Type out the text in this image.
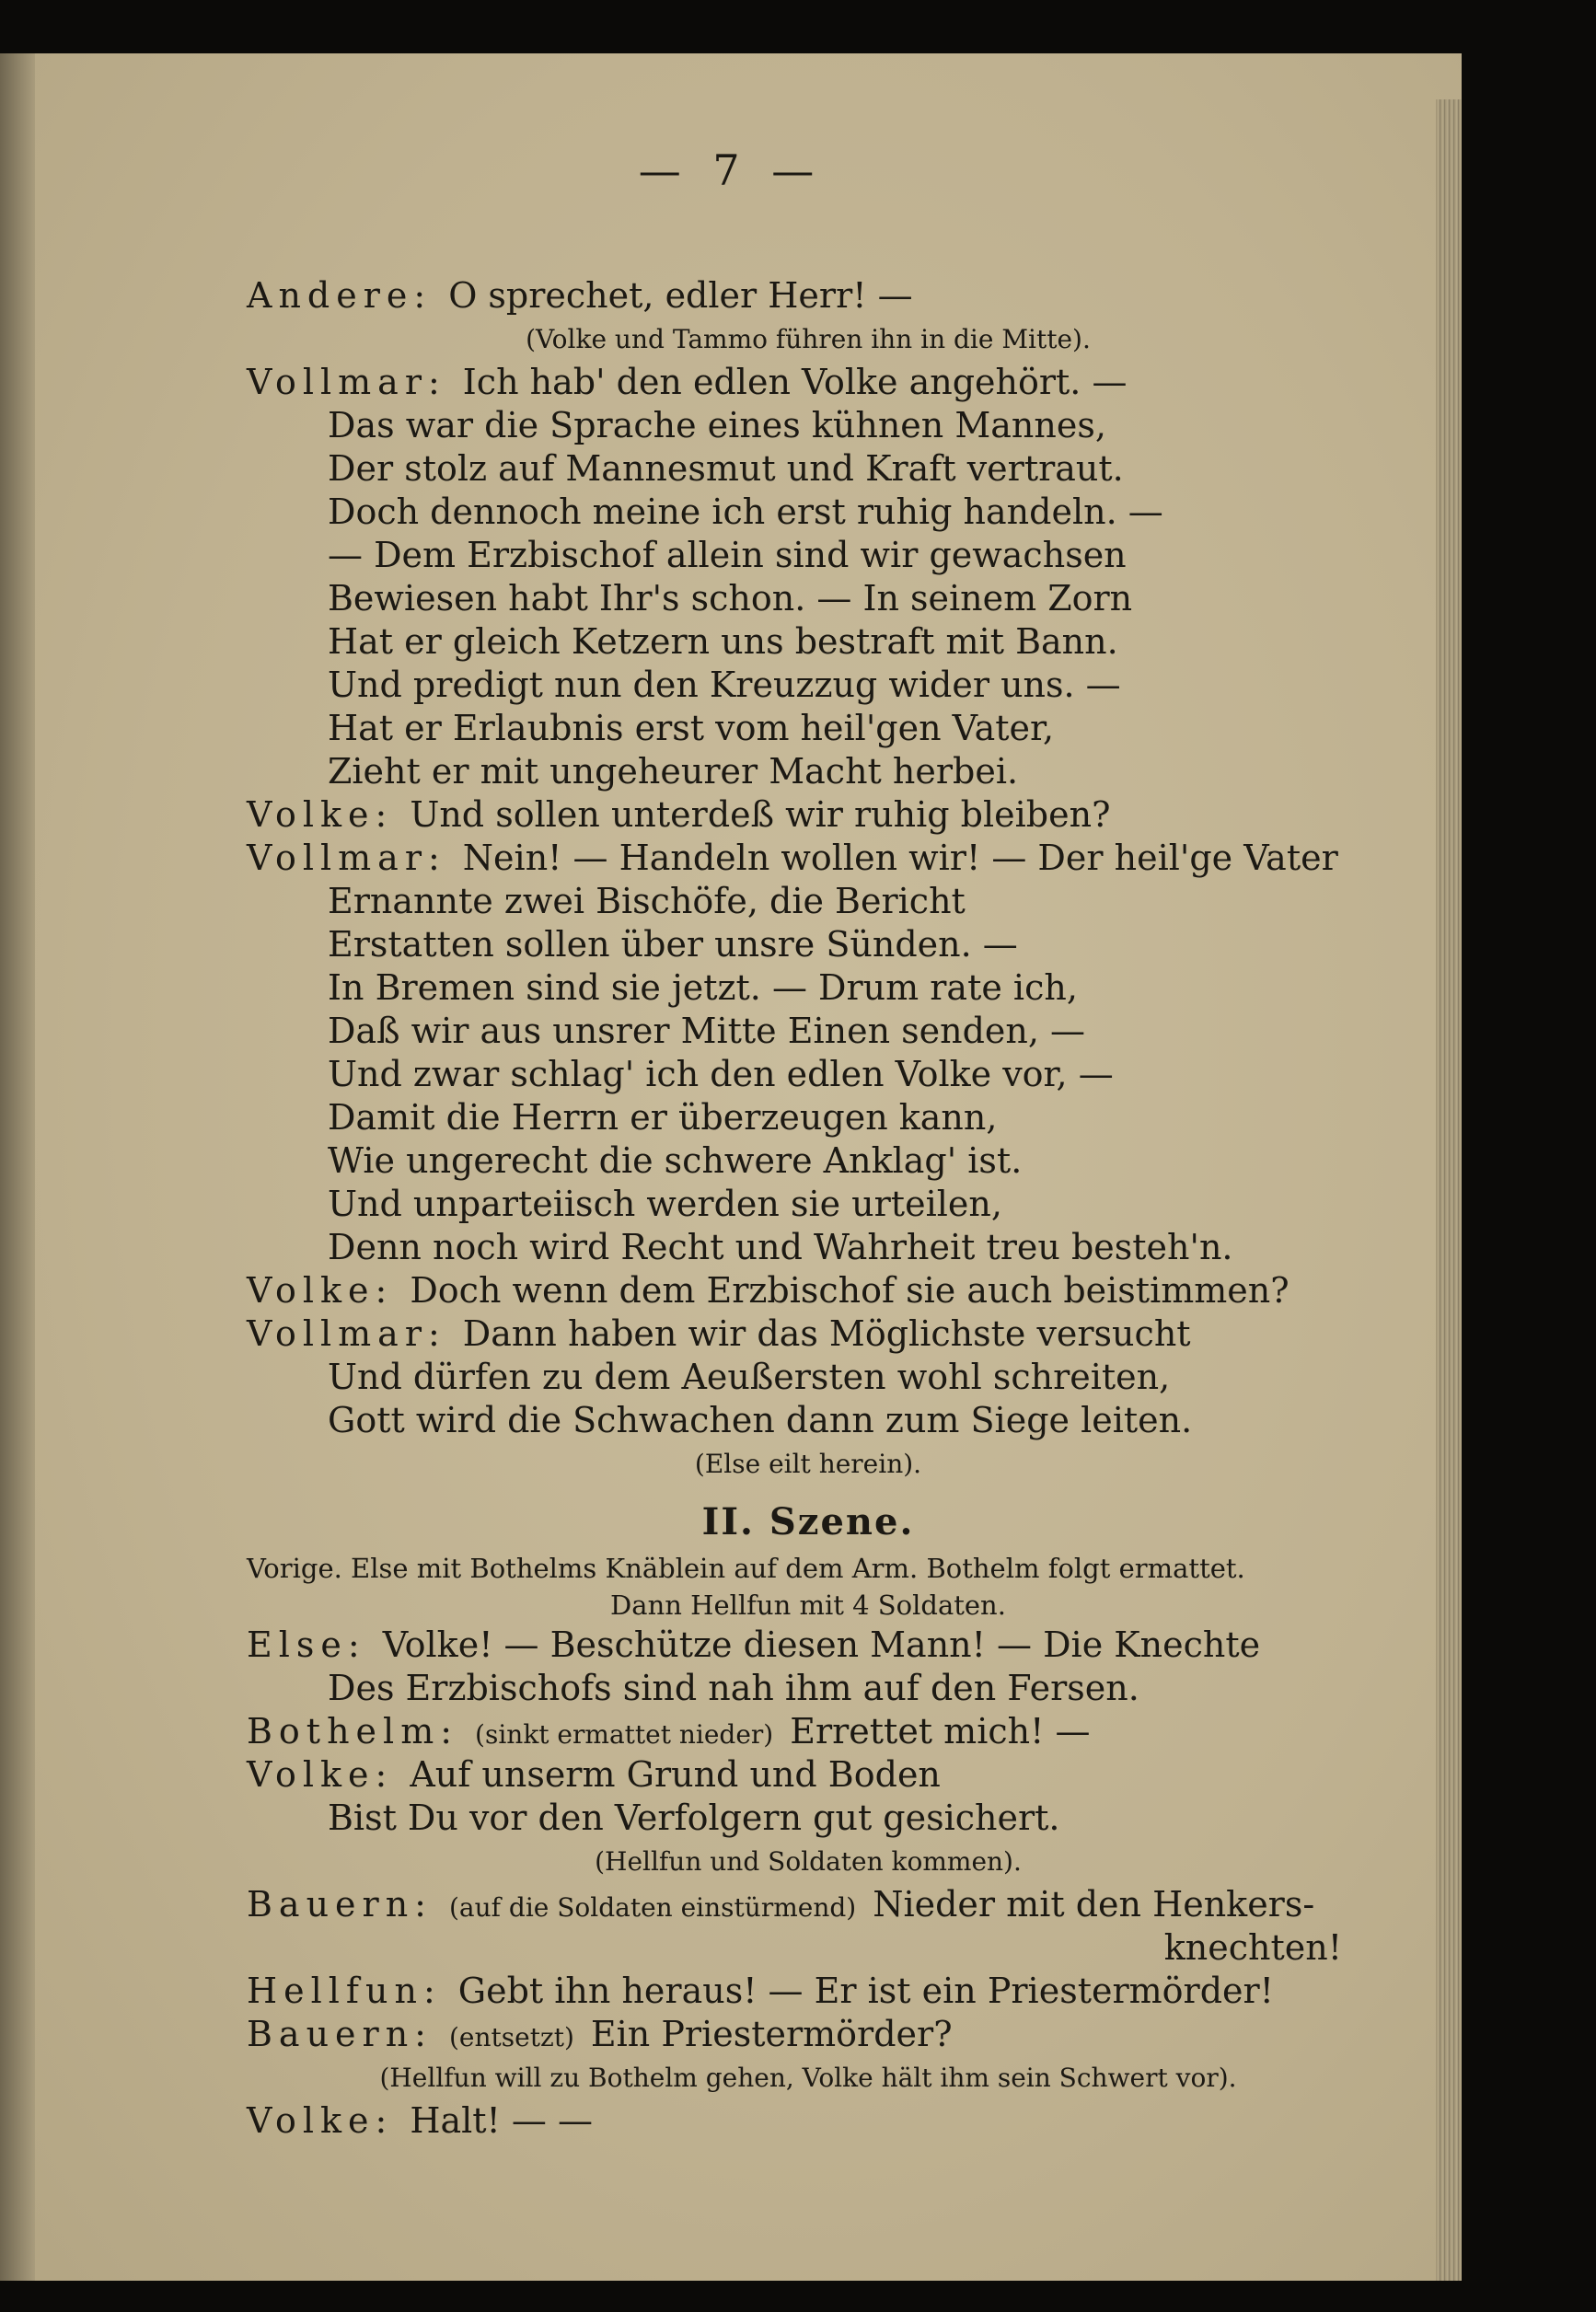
— 7 —
Andere: O sprechet, edler Herr! —
(Volke und Tammo führen ihn in die Mitte).
Vollmar: Ich hab' den edlen Volke angehört. —
Das war die Sprache eines kühnen Mannes,
Der stolz auf Mannesmut und Kraft vertraut.
Doch dennoch meine ich erst ruhig handeln. —
— Dem Erzbischof allein sind wir gewachsen
Bewiesen habt Ihr's schon. — In seinem Zorn
Hat er gleich Ketzern uns bestraft mit Bann.
Und predigt nun den Kreuzzug wider uns. —
Hat er Erlaubnis erst vom heil'gen Vater,
Zieht er mit ungeheurer Macht herbei.
Volke: Und sollen unterdeß wir ruhig bleiben?
Vollmar: Nein! — Handeln wollen wir! — Der heil'ge Vater
Ernannte zwei Bischöfe, die Bericht
Erstatten sollen über unsre Sünden. —
In Bremen sind sie jetzt. — Drum rate ich,
Daß wir aus unsrer Mitte Einen senden, —
Und zwar schlag' ich den edlen Volke vor, —
Damit die Herrn er überzeugen kann,
Wie ungerecht die schwere Anklag' ist.
Und unparteiisch werden sie urteilen,
Denn noch wird Recht und Wahrheit treu besteh'n.
Volke: Doch wenn dem Erzbischof sie auch beistimmen?
Vollmar: Dann haben wir das Möglichste versucht
Und dürfen zu dem Aeußersten wohl schreiten,
Gott wird die Schwachen dann zum Siege leiten.
(Else eilt herein).
II. Szene.
Vorige. Else mit Bothelms Knäblein auf dem Arm. Bothelm folgt ermattet.
Dann Hellfun mit 4 Soldaten.
Else: Volke! — Beschütze diesen Mann! — Die Knechte
Des Erzbischofs sind nah ihm auf den Fersen.
Bothelm: (sinkt ermattet nieder) Errettet mich! —
Volke: Auf unserm Grund und Boden
Bist Du vor den Verfolgern gut gesichert.
(Hellfun und Soldaten kommen).
Bauern: (auf die Soldaten einstürmend) Nieder mit den Henkers-
knechten!
Hellfun: Gebt ihn heraus! — Er ist ein Priestermörder!
Bauern: (entsetzt) Ein Priestermörder?
(Hellfun will zu Bothelm gehen, Volke hält ihm sein Schwert vor).
Volke: Halt! — —
